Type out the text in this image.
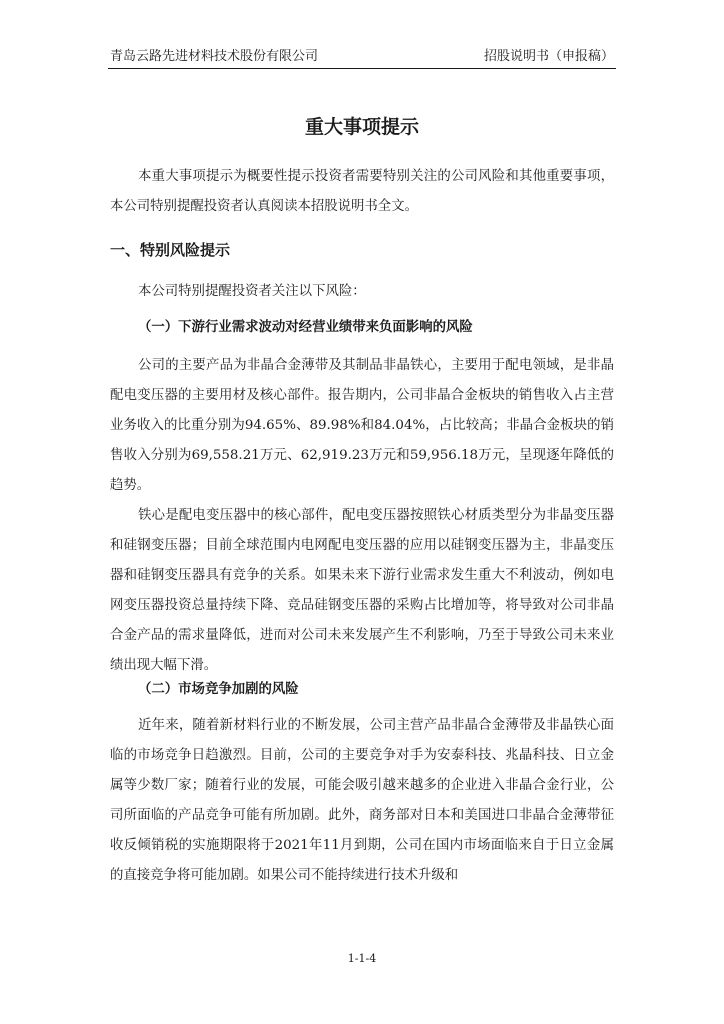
青岛云路先进材料技术股份有限公司	招股说明书（申报稿）
重大事项提示

本重大事项提示为概要性提示投资者需要特别关注的公司风险和其他重要事项，本公司特别提醒投资者认真阅读本招股说明书全文。

一、特别风险提示

本公司特别提醒投资者关注以下风险：

（一）下游行业需求波动对经营业绩带来负面影响的风险

公司的主要产品为非晶合金薄带及其制品非晶铁心，主要用于配电领域，是非晶配电变压器的主要用材及核心部件。报告期内，公司非晶合金板块的销售收入占主营业务收入的比重分别为94.65%、89.98%和84.04%，占比较高；非晶合金板块的销售收入分别为69,558.21万元、62,919.23万元和59,956.18万元，呈现逐年降低的趋势。

铁心是配电变压器中的核心部件，配电变压器按照铁心材质类型分为非晶变压器和硅钢变压器；目前全球范围内电网配电变压器的应用以硅钢变压器为主，非晶变压器和硅钢变压器具有竞争的关系。如果未来下游行业需求发生重大不利波动，例如电网变压器投资总量持续下降、竞品硅钢变压器的采购占比增加等，将导致对公司非晶合金产品的需求量降低，进而对公司未来发展产生不利影响，乃至于导致公司未来业绩出现大幅下滑。

（二）市场竞争加剧的风险

近年来，随着新材料行业的不断发展，公司主营产品非晶合金薄带及非晶铁心面临的市场竞争日趋激烈。目前，公司的主要竞争对手为安泰科技、兆晶科技、日立金属等少数厂家；随着行业的发展，可能会吸引越来越多的企业进入非晶合金行业，公司所面临的产品竞争可能有所加剧。此外，商务部对日本和美国进口非晶合金薄带征收反倾销税的实施期限将于2021年11月到期，公司在国内市场面临来自于日立金属的直接竞争将可能加剧。如果公司不能持续进行技术升级和

1-1-4
